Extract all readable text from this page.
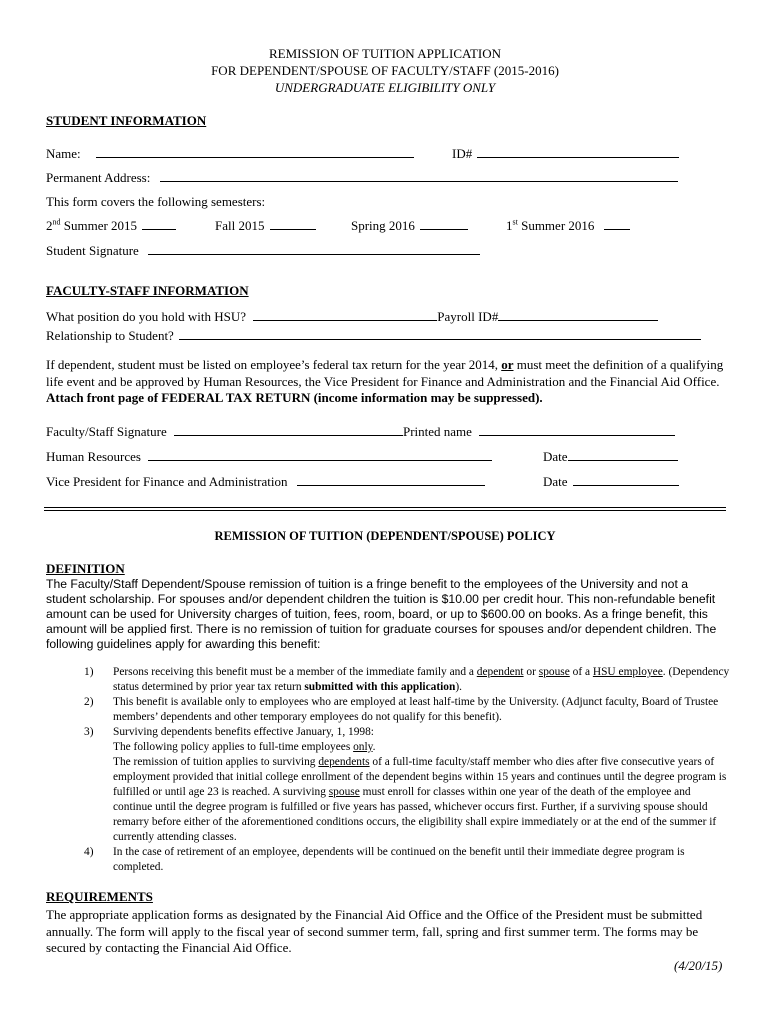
REMISSION OF TUITION APPLICATION
FOR DEPENDENT/SPOUSE OF FACULTY/STAFF (2015-2016)
UNDERGRADUATE ELIGIBILITY ONLY
STUDENT INFORMATION
Name:	ID#
Permanent Address:
This form covers the following semesters:
2nd Summer 2015	Fall 2015	Spring 2016	1st Summer 2016
Student Signature
FACULTY-STAFF INFORMATION
What position do you hold with HSU?	Payroll ID#
Relationship to Student?
If dependent, student must be listed on employee’s federal tax return for the year 2014, or must meet the definition of a qualifying life event and be approved by Human Resources, the Vice President for Finance and Administration and the Financial Aid Office. Attach front page of FEDERAL TAX RETURN (income information may be suppressed).
Faculty/Staff Signature	Printed name
Human Resources	Date
Vice President for Finance and Administration	Date
REMISSION OF TUITION (DEPENDENT/SPOUSE) POLICY
DEFINITION
The Faculty/Staff Dependent/Spouse remission of tuition is a fringe benefit to the employees of the University and not a student scholarship. For spouses and/or dependent children the tuition is $10.00 per credit hour. This non-refundable benefit amount can be used for University charges of tuition, fees, room, board, or up to $600.00 on books. As a fringe benefit, this amount will be applied first. There is no remission of tuition for graduate courses for spouses and/or dependent children. The following guidelines apply for awarding this benefit:
1) Persons receiving this benefit must be a member of the immediate family and a dependent or spouse of a HSU employee. (Dependency status determined by prior year tax return submitted with this application).
2) This benefit is available only to employees who are employed at least half-time by the University. (Adjunct faculty, Board of Trustee members’ dependents and other temporary employees do not qualify for this benefit).
3) Surviving dependents benefits effective January, 1, 1998:
The following policy applies to full-time employees only.
The remission of tuition applies to surviving dependents of a full-time faculty/staff member who dies after five consecutive years of employment provided that initial college enrollment of the dependent begins within 15 years and continues until the degree program is fulfilled or until age 23 is reached. A surviving spouse must enroll for classes within one year of the death of the employee and continue until the degree program is fulfilled or five years has passed, whichever occurs first. Further, if a surviving spouse should remarry before either of the aforementioned conditions occurs, the eligibility shall expire immediately or at the end of the summer if currently attending classes.
4) In the case of retirement of an employee, dependents will be continued on the benefit until their immediate degree program is completed.
REQUIREMENTS
The appropriate application forms as designated by the Financial Aid Office and the Office of the President must be submitted annually. The form will apply to the fiscal year of second summer term, fall, spring and first summer term. The forms may be secured by contacting the Financial Aid Office.
(4/20/15)
